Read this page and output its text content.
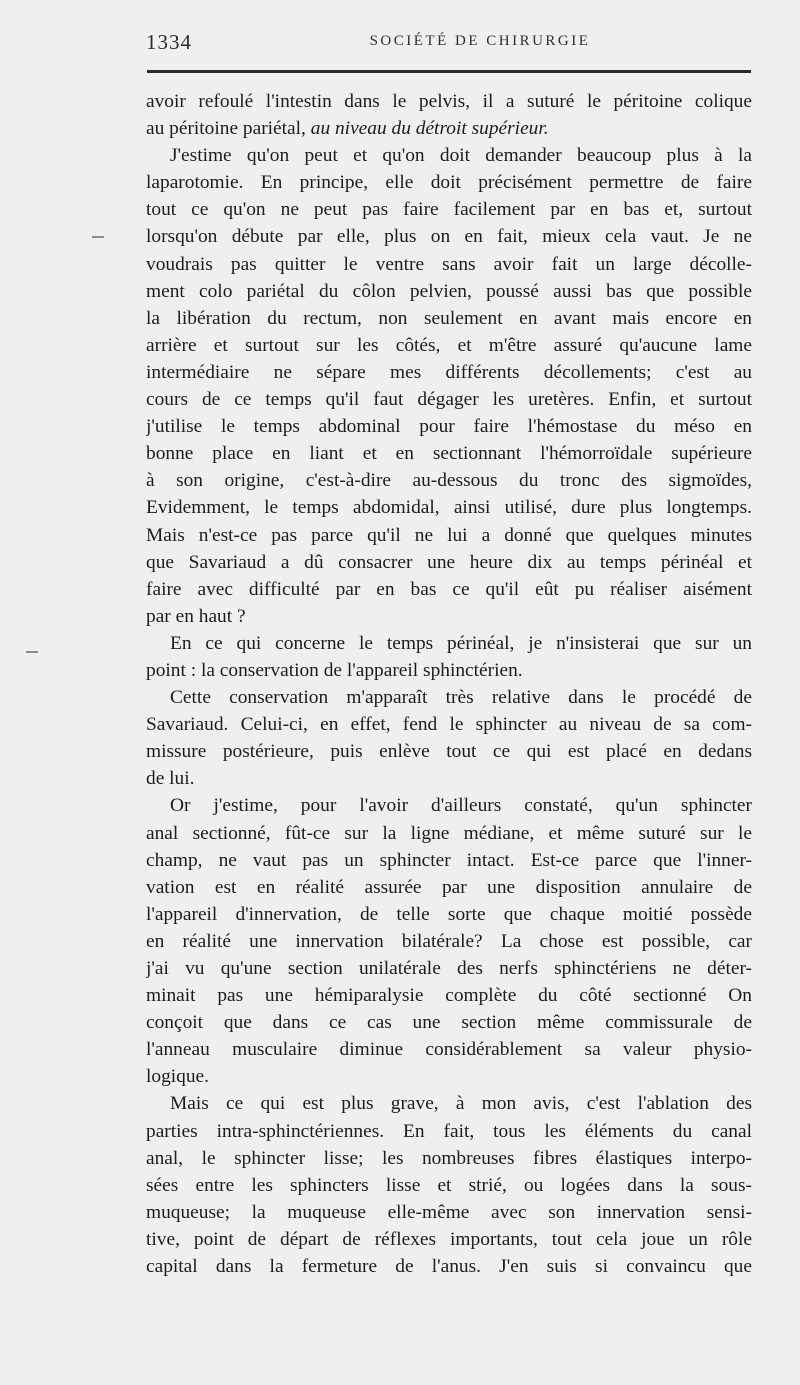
1334	SOCIÉTÉ DE CHIRURGIE
avoir refoulé l'intestin dans le pelvis, il a suturé le péritoine colique
au péritoine pariétal, au niveau du détroit supérieur.
J'estime qu'on peut et qu'on doit demander beaucoup plus à la
laparotomie. En principe, elle doit précisément permettre de faire
tout ce qu'on ne peut pas faire facilement par en bas et, surtout
lorsqu'on débute par elle, plus on en fait, mieux cela vaut. Je ne
voudrais pas quitter le ventre sans avoir fait un large décolle-
ment colo pariétal du côlon pelvien, poussé aussi bas que possible
la libération du rectum, non seulement en avant mais encore en
arrière et surtout sur les côtés, et m'être assuré qu'aucune lame
intermédiaire ne sépare mes différents décollements; c'est au
cours de ce temps qu'il faut dégager les uretères. Enfin, et surtout
j'utilise le temps abdominal pour faire l'hémostase du méso en
bonne place en liant et en sectionnant l'hémorroïdale supérieure
à son origine, c'est-à-dire au-dessous du tronc des sigmoïdes,
Evidemment, le temps abdomidal, ainsi utilisé, dure plus longtemps.
Mais n'est-ce pas parce qu'il ne lui a donné que quelques minutes
que Savariaud a dû consacrer une heure dix au temps périnéal et
faire avec difficulté par en bas ce qu'il eût pu réaliser aisément
par en haut ?
En ce qui concerne le temps périnéal, je n'insisterai que sur un
point : la conservation de l'appareil sphinctérien.
Cette conservation m'apparaît très relative dans le procédé de
Savariaud. Celui-ci, en effet, fend le sphincter au niveau de sa com-
missure postérieure, puis enlève tout ce qui est placé en dedans
de lui.
Or j'estime, pour l'avoir d'ailleurs constaté, qu'un sphincter
anal sectionné, fût-ce sur la ligne médiane, et même suturé sur le
champ, ne vaut pas un sphincter intact. Est-ce parce que l'inner-
vation est en réalité assurée par une disposition annulaire de
l'appareil d'innervation, de telle sorte que chaque moitié possède
en réalité une innervation bilatérale? La chose est possible, car
j'ai vu qu'une section unilatérale des nerfs sphinctériens ne déter-
minait pas une hémiparalysie complète du côté sectionné On
conçoit que dans ce cas une section même commissurale de
l'anneau musculaire diminue considérablement sa valeur physio-
logique.
Mais ce qui est plus grave, à mon avis, c'est l'ablation des
parties intra-sphinctériennes. En fait, tous les éléments du canal
anal, le sphincter lisse; les nombreuses fibres élastiques interpo-
sées entre les sphincters lisse et strié, ou logées dans la sous-
muqueuse; la muqueuse elle-même avec son innervation sensi-
tive, point de départ de réflexes importants, tout cela joue un rôle
capital dans la fermeture de l'anus. J'en suis si convaincu que
